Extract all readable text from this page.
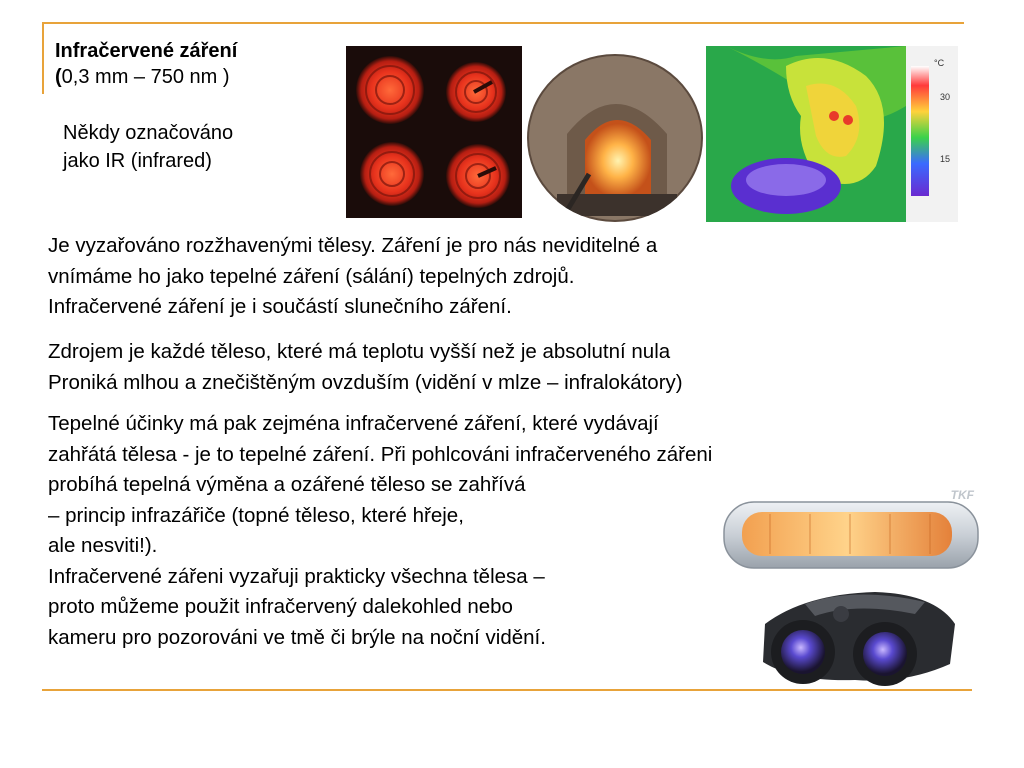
Infračervené záření
(0,3 mm – 750 nm )
Někdy označováno
jako IR (infrared)
°C
30
15
Je vyzařováno rozžhavenými tělesy. Záření je pro nás neviditelné a
vnímáme ho jako tepelné záření (sálání) tepelných zdrojů.
Infračervené záření je i součástí slunečního záření.
Zdrojem je každé těleso, které má teplotu vyšší než je absolutní nula
Proniká mlhou a znečištěným ovzduším (vidění v mlze – infralokátory)
Tepelné účinky má pak zejména infračervené záření, které vydávají
zahřátá tělesa - je to tepelné záření. Při pohlcováni infračerveného zářeni
probíhá tepelná výměna a ozářené těleso se zahřívá
– princip infrazářiče (topné těleso, které hřeje,
ale nesviti!).
Infračervené zářeni vyzařuji prakticky všechna tělesa –
proto můžeme použit infračervený dalekohled nebo
kameru pro pozorováni ve tmě či brýle na noční vidění.
TKF
